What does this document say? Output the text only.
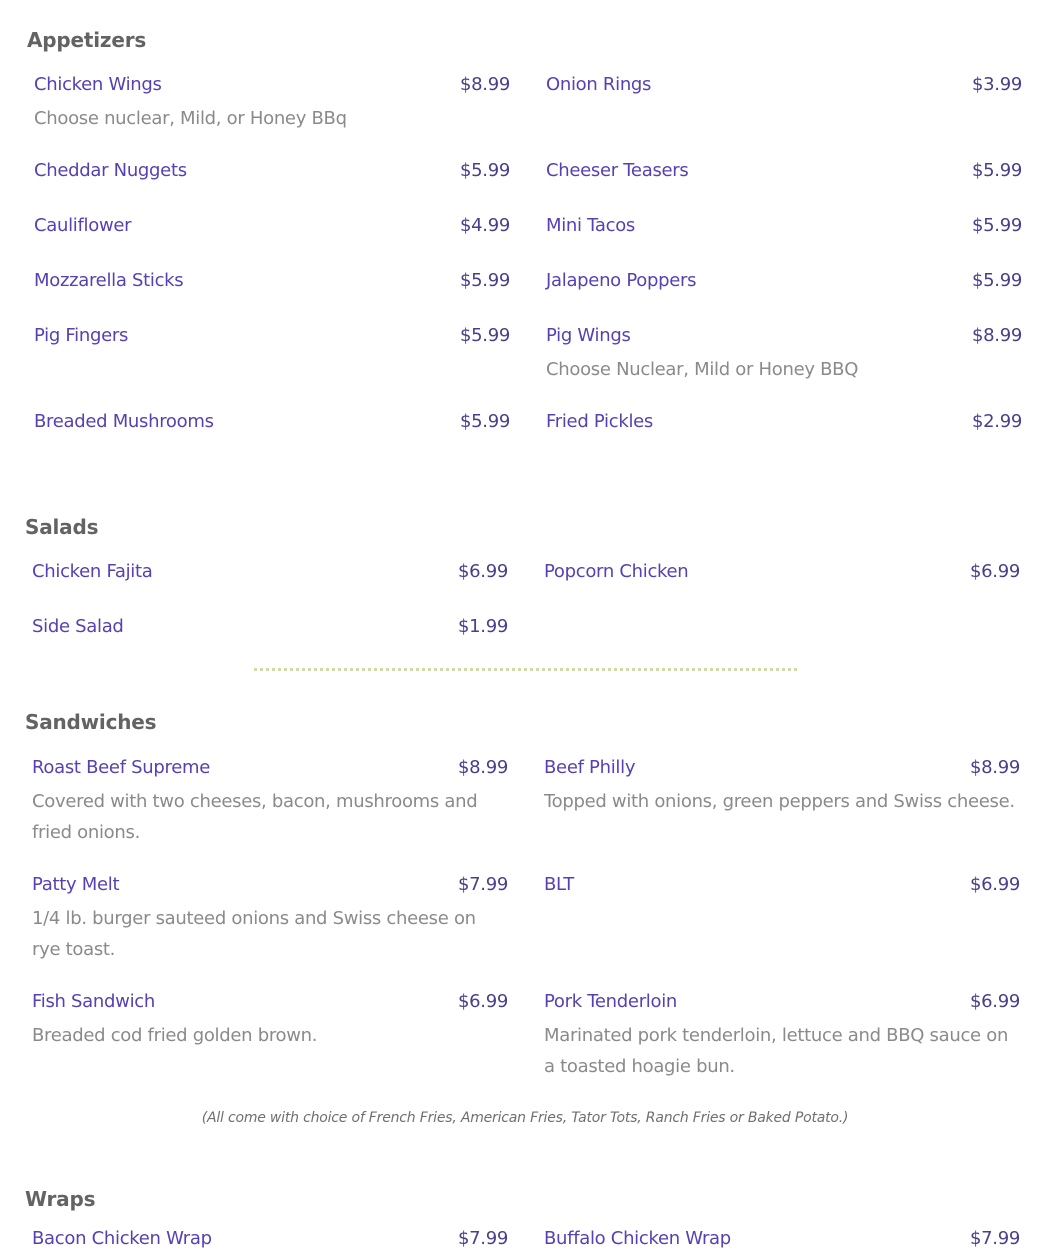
Appetizers
Chicken Wings	$8.99
Choose nuclear, Mild, or Honey BBq
Onion Rings	$3.99
Cheddar Nuggets	$5.99 Cheeser Teasers	$5.99
Cauliflower	$4.99 Mini Tacos	$5.99
Mozzarella Sticks	$5.99 Jalapeno Poppers	$5.99
Pig Fingers	$5.99 Pig Wings	$8.99
Choose Nuclear, Mild or Honey BBQ
Breaded Mushrooms	$5.99 Fried Pickles	$2.99
Salads
Chicken Fajita	$6.99 Popcorn Chicken	$6.99
Side Salad	$1.99
Sandwiches
Roast Beef Supreme	$8.99
Covered with two cheeses, bacon, mushrooms and fried onions.
Beef Philly	$8.99
Topped with onions, green peppers and Swiss cheese.
Patty Melt	$7.99
1/4 lb. burger sauteed onions and Swiss cheese on rye toast.
BLT	$6.99
Fish Sandwich	$6.99
Breaded cod fried golden brown.
Pork Tenderloin	$6.99
Marinated pork tenderloin, lettuce and BBQ sauce on a toasted hoagie bun.
(All come with choice of French Fries, American Fries, Tator Tots, Ranch Fries or Baked Potato.)
Wraps
Bacon Chicken Wrap	$7.99 Buffalo Chicken Wrap	$7.99
